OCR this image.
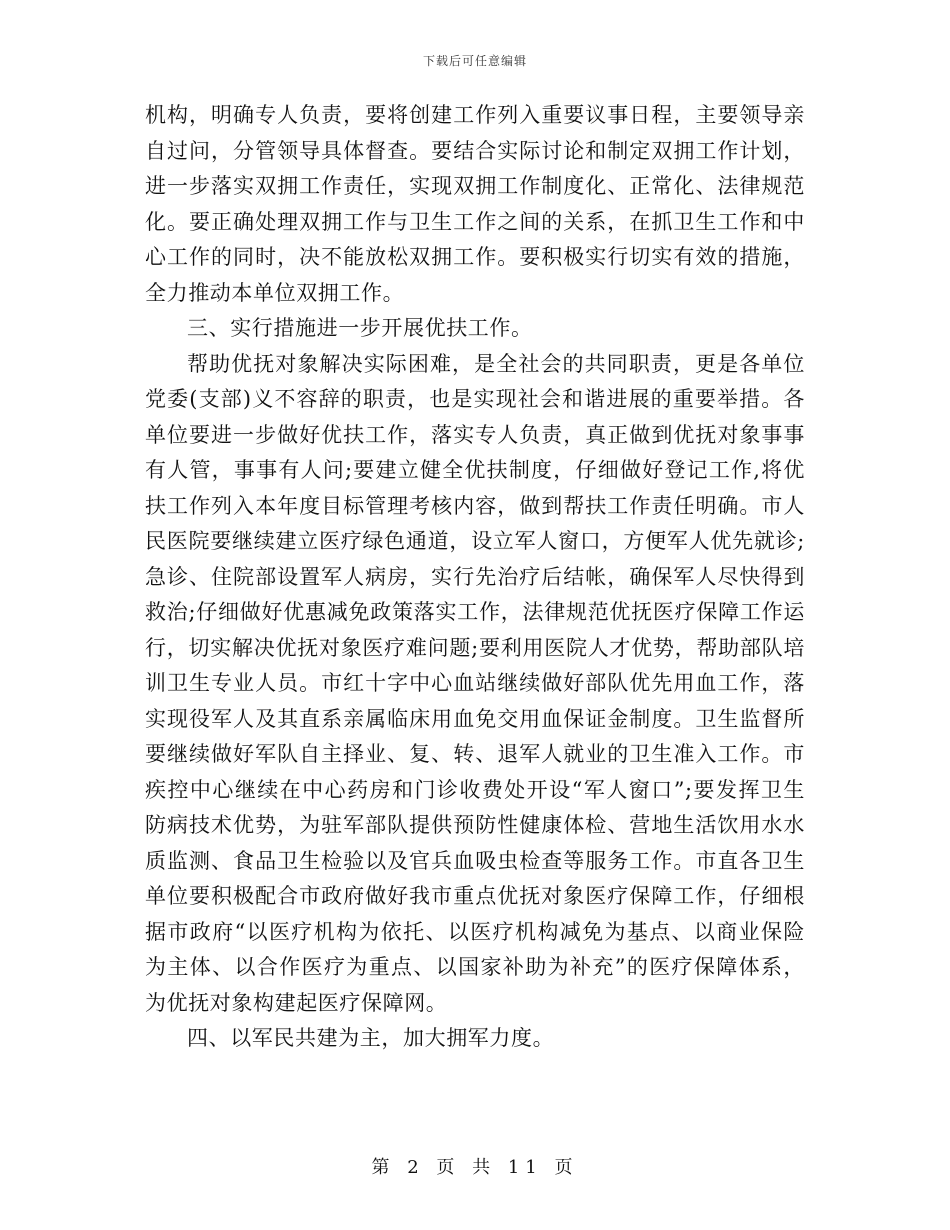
下载后可任意编辑
机构，明确专人负责，要将创建工作列入重要议事日程，主要领导亲
自过问，分管领导具体督查。要结合实际讨论和制定双拥工作计划，
进一步落实双拥工作责任，实现双拥工作制度化、正常化、法律规范
化。要正确处理双拥工作与卫生工作之间的关系，在抓卫生工作和中
心工作的同时，决不能放松双拥工作。要积极实行切实有效的措施，
全力推动本单位双拥工作。
三、实行措施进一步开展优扶工作。
帮助优抚对象解决实际困难，是全社会的共同职责，更是各单位
党委(支部)义不容辞的职责，也是实现社会和谐进展的重要举措。各
单位要进一步做好优扶工作，落实专人负责，真正做到优抚对象事事
有人管，事事有人问;要建立健全优扶制度，仔细做好登记工作,将优
扶工作列入本年度目标管理考核内容，做到帮扶工作责任明确。市人
民医院要继续建立医疗绿色通道，设立军人窗口，方便军人优先就诊;
急诊、住院部设置军人病房，实行先治疗后结帐，确保军人尽快得到
救治;仔细做好优惠减免政策落实工作，法律规范优抚医疗保障工作运
行，切实解决优抚对象医疗难问题;要利用医院人才优势，帮助部队培
训卫生专业人员。市红十字中心血站继续做好部队优先用血工作，落
实现役军人及其直系亲属临床用血免交用血保证金制度。卫生监督所
要继续做好军队自主择业、复、转、退军人就业的卫生准入工作。市
疾控中心继续在中心药房和门诊收费处开设“军人窗口”;要发挥卫生
防病技术优势，为驻军部队提供预防性健康体检、营地生活饮用水水
质监测、食品卫生检验以及官兵血吸虫检查等服务工作。市直各卫生
单位要积极配合市政府做好我市重点优抚对象医疗保障工作，仔细根
据市政府“以医疗机构为依托、以医疗机构减免为基点、以商业保险
为主体、以合作医疗为重点、以国家补助为补充”的医疗保障体系，
为优抚对象构建起医疗保障网。
四、以军民共建为主，加大拥军力度。
第 2 页 共 11 页
